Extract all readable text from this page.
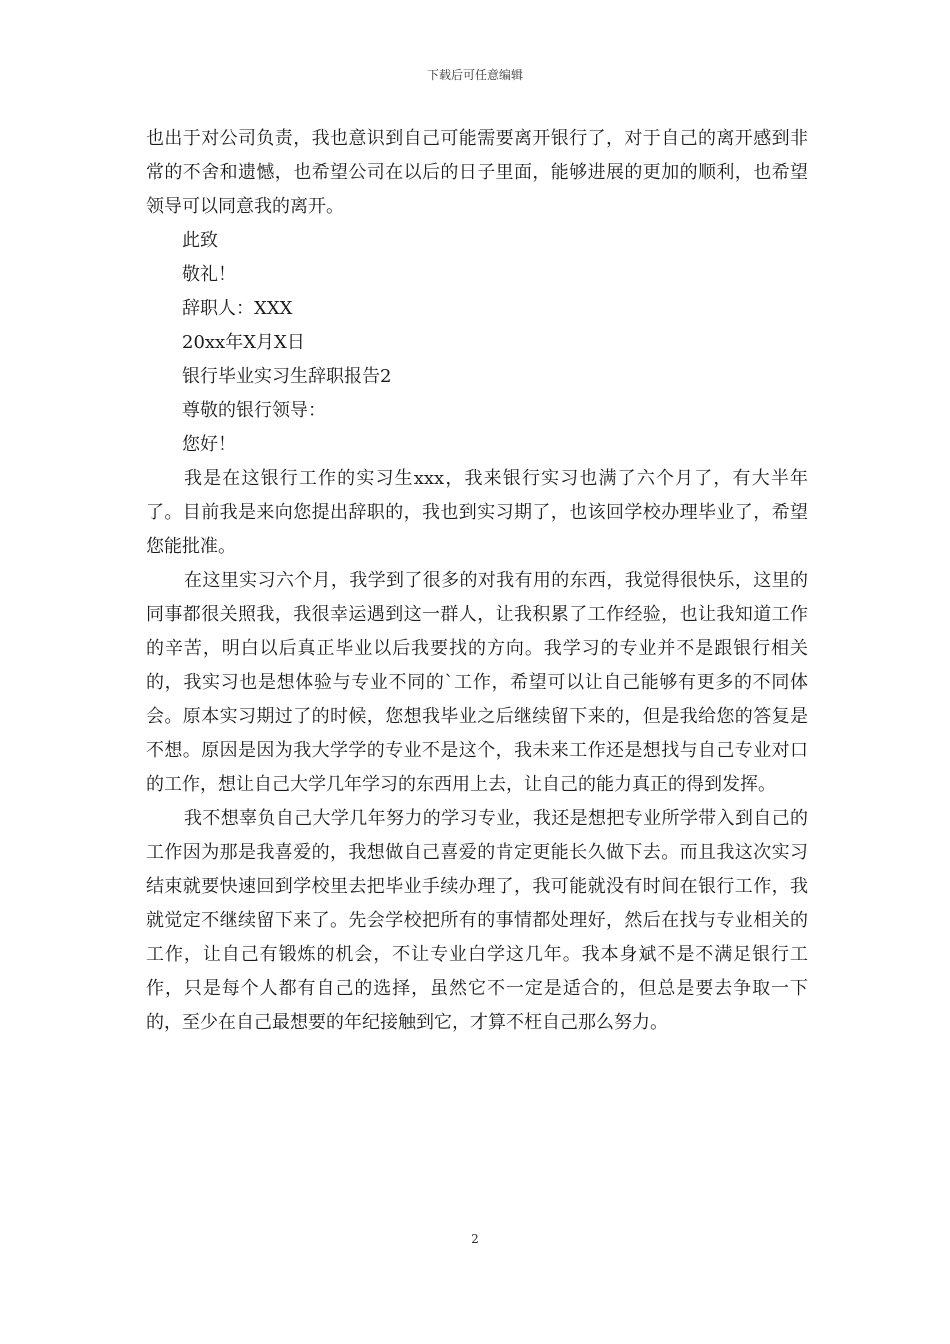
下载后可任意编辑

也出于对公司负责，我也意识到自己可能需要离开银行了，对于自己的离开感到非常的不舍和遗憾，也希望公司在以后的日子里面，能够进展的更加的顺利，也希望领导可以同意我的离开。

此致

敬礼！

辞职人：XXX

20xx年X月X日

银行毕业实习生辞职报告2

尊敬的银行领导：

您好！

我是在这银行工作的实习生xxx，我来银行实习也满了六个月了，有大半年了。目前我是来向您提出辞职的，我也到实习期了，也该回学校办理毕业了，希望您能批准。

在这里实习六个月，我学到了很多的对我有用的东西，我觉得很快乐，这里的同事都很关照我，我很幸运遇到这一群人，让我积累了工作经验，也让我知道工作的辛苦，明白以后真正毕业以后我要找的方向。我学习的专业并不是跟银行相关的，我实习也是想体验与专业不同的`工作，希望可以让自己能够有更多的不同体会。原本实习期过了的时候，您想我毕业之后继续留下来的，但是我给您的答复是不想。原因是因为我大学学的专业不是这个，我未来工作还是想找与自己专业对口的工作，想让自己大学几年学习的东西用上去，让自己的能力真正的得到发挥。

我不想辜负自己大学几年努力的学习专业，我还是想把专业所学带入到自己的工作因为那是我喜爱的，我想做自己喜爱的肯定更能长久做下去。而且我这次实习结束就要快速回到学校里去把毕业手续办理了，我可能就没有时间在银行工作，我就觉定不继续留下来了。先会学校把所有的事情都处理好，然后在找与专业相关的工作，让自己有锻炼的机会，不让专业白学这几年。我本身斌不是不满足银行工作，只是每个人都有自己的选择，虽然它不一定是适合的，但总是要去争取一下的，至少在自己最想要的年纪接触到它，才算不枉自己那么努力。

2
